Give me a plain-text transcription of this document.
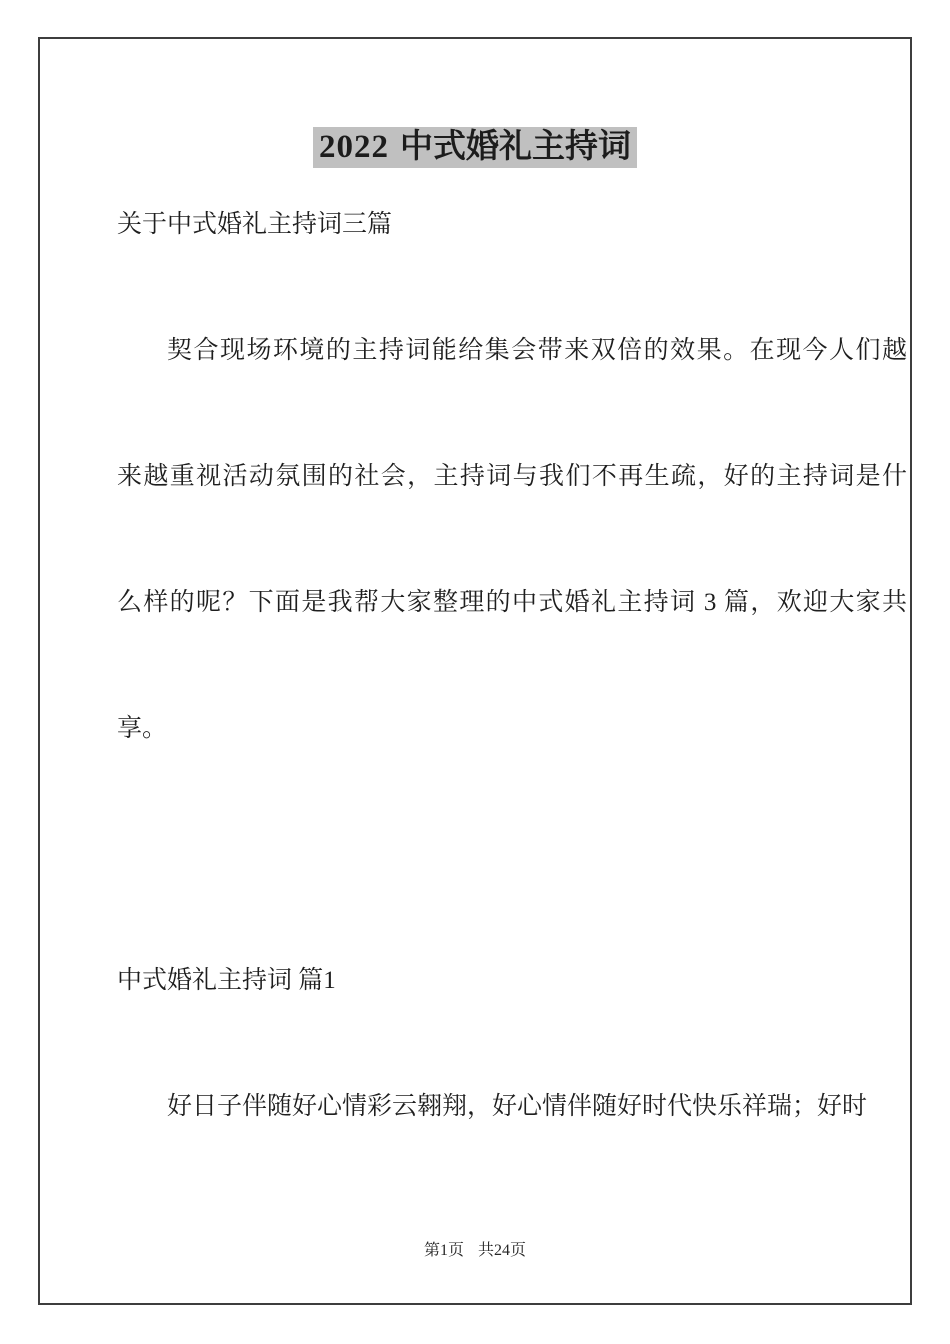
2022 中式婚礼主持词
关于中式婚礼主持词三篇
契合现场环境的主持词能给集会带来双倍的效果。在现今人们越
来越重视活动氛围的社会，主持词与我们不再生疏，好的主持词是什
么样的呢？下面是我帮大家整理的中式婚礼主持词 3 篇，欢迎大家共
享。
中式婚礼主持词 篇1
好日子伴随好心情彩云翱翔，好心情伴随好时代快乐祥瑞；好时
第1页 共24页
